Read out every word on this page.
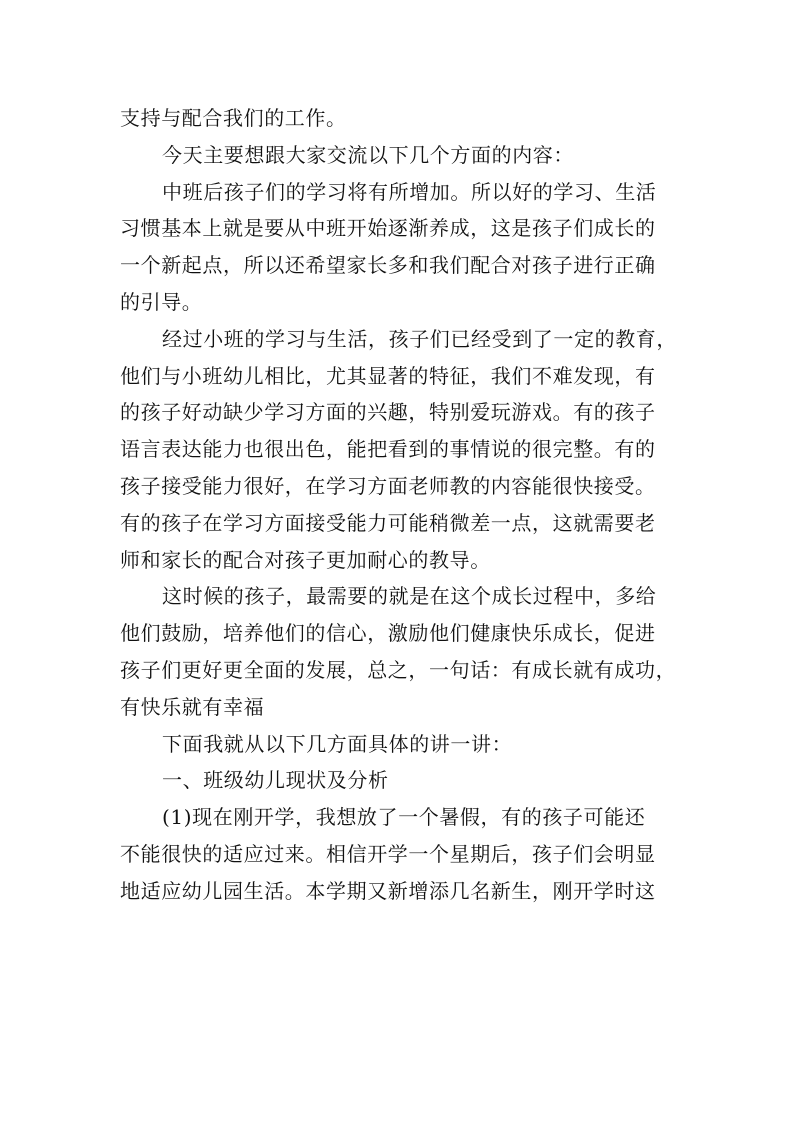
支持与配合我们的工作。
今天主要想跟大家交流以下几个方面的内容：
中班后孩子们的学习将有所增加。所以好的学习、生活
习惯基本上就是要从中班开始逐渐养成，这是孩子们成长的
一个新起点，所以还希望家长多和我们配合对孩子进行正确
的引导。
经过小班的学习与生活，孩子们已经受到了一定的教育，
他们与小班幼儿相比，尤其显著的特征，我们不难发现，有
的孩子好动缺少学习方面的兴趣，特别爱玩游戏。有的孩子
语言表达能力也很出色，能把看到的事情说的很完整。有的
孩子接受能力很好，在学习方面老师教的内容能很快接受。
有的孩子在学习方面接受能力可能稍微差一点，这就需要老
师和家长的配合对孩子更加耐心的教导。
这时候的孩子，最需要的就是在这个成长过程中，多给
他们鼓励，培养他们的信心，激励他们健康快乐成长，促进
孩子们更好更全面的发展，总之，一句话：有成长就有成功，
有快乐就有幸福
下面我就从以下几方面具体的讲一讲：
一、班级幼儿现状及分析
(1)现在刚开学，我想放了一个暑假，有的孩子可能还
不能很快的适应过来。相信开学一个星期后，孩子们会明显
地适应幼儿园生活。本学期又新增添几名新生，刚开学时这
